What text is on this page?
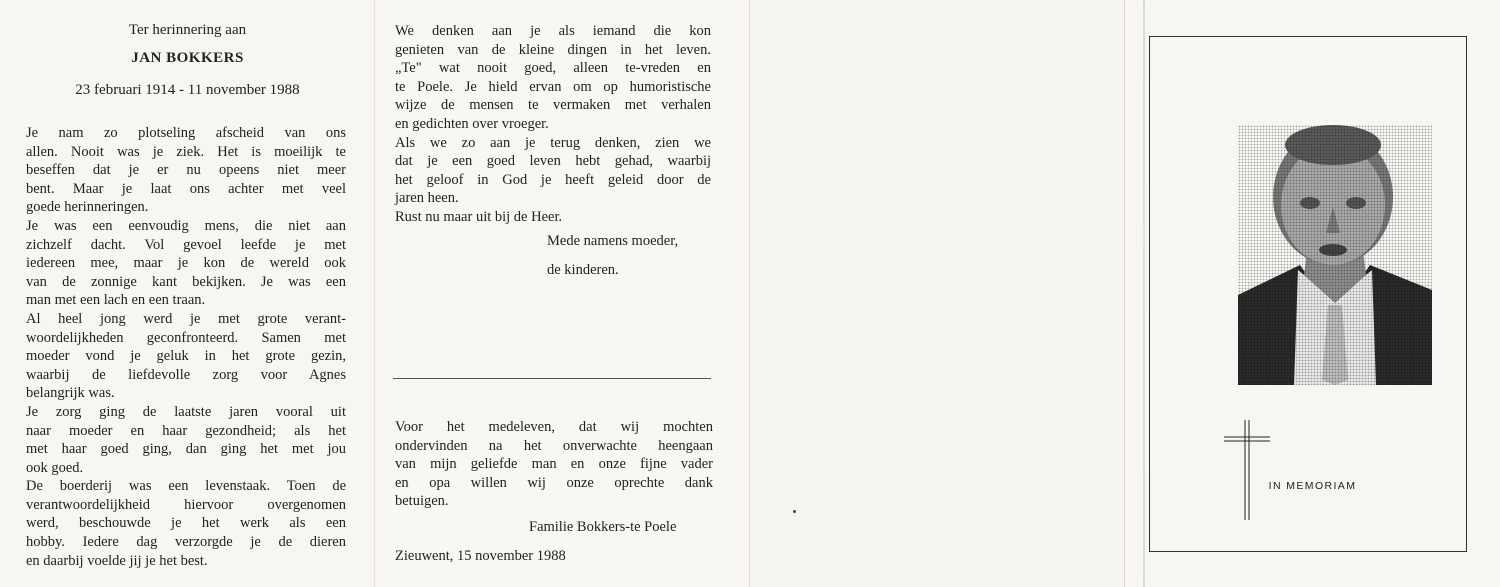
Ter herinnering aan
JAN BOKKERS
23 februari 1914 - 11 november 1988
Je nam zo plotseling afscheid van ons
allen. Nooit was je ziek. Het is moeilijk te
beseffen dat je er nu opeens niet meer
bent. Maar je laat ons achter met veel
goede herinneringen.
Je was een eenvoudig mens, die niet aan
zichzelf dacht. Vol gevoel leefde je met
iedereen mee, maar je kon de wereld ook
van de zonnige kant bekijken. Je was een
man met een lach en een traan.
Al heel jong werd je met grote verant-
woordelijkheden geconfronteerd. Samen met
moeder vond je geluk in het grote gezin,
waarbij de liefdevolle zorg voor Agnes
belangrijk was.
Je zorg ging de laatste jaren vooral uit
naar moeder en haar gezondheid; als het
met haar goed ging, dan ging het met jou
ook goed.
De boerderij was een levenstaak. Toen de
verantwoordelijkheid hiervoor overgenomen
werd, beschouwde je het werk als een
hobby. Iedere dag verzorgde je de dieren
en daarbij voelde jij je het best.
We denken aan je als iemand die kon
genieten van de kleine dingen in het leven.
„Te" wat nooit goed, alleen te-vreden en
te Poele. Je hield ervan om op humoristische
wijze de mensen te vermaken met verhalen
en gedichten over vroeger.
Als we zo aan je terug denken, zien we
dat je een goed leven hebt gehad, waarbij
het geloof in God je heeft geleid door de
jaren heen.
Rust nu maar uit bij de Heer.
Mede namens moeder,
de kinderen.
Voor het medeleven, dat wij mochten
ondervinden na het onverwachte heengaan
van mijn geliefde man en onze fijne vader
en opa willen wij onze oprechte dank
betuigen.
Familie Bokkers-te Poele
Zieuwent, 15 november 1988
IN MEMORIAM
